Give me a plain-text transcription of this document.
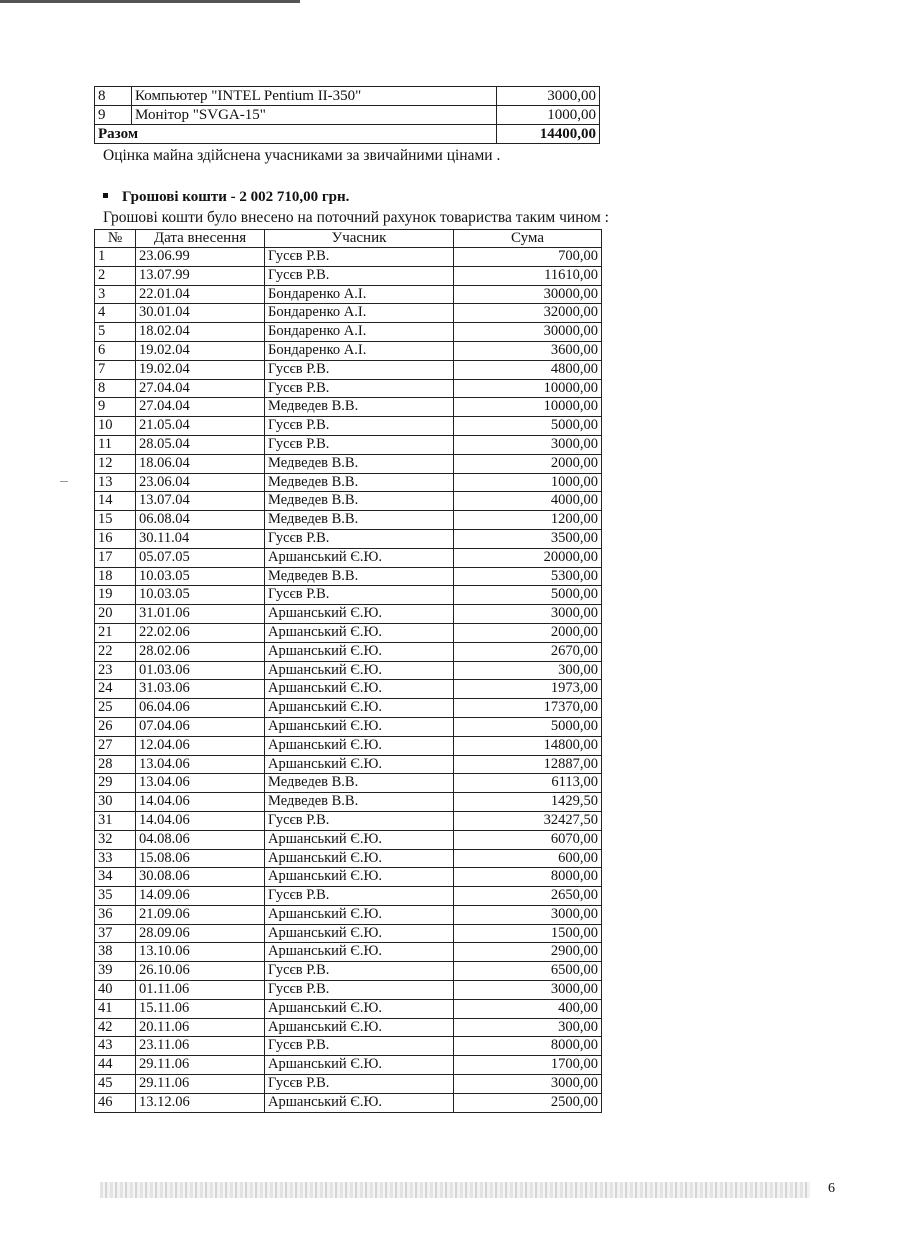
8	Компьютер "INTEL Pentium II-350"	3000,00
9	Монітор "SVGA-15"	1000,00
Разом		14400,00
Оцінка майна здійснена учасниками за звичайними цінами .
Грошові кошти - 2 002 710,00 грн.
Грошові кошти було внесено на поточний рахунок товариства таким чином :
№	Дата внесення	Учасник	Сума
1	23.06.99	Гусєв Р.В.	700,00
2	13.07.99	Гусєв Р.В.	11610,00
3	22.01.04	Бондаренко А.І.	30000,00
4	30.01.04	Бондаренко А.І.	32000,00
5	18.02.04	Бондаренко А.І.	30000,00
6	19.02.04	Бондаренко А.І.	3600,00
7	19.02.04	Гусєв Р.В.	4800,00
8	27.04.04	Гусєв Р.В.	10000,00
9	27.04.04	Медведев В.В.	10000,00
10	21.05.04	Гусєв Р.В.	5000,00
11	28.05.04	Гусєв Р.В.	3000,00
12	18.06.04	Медведев В.В.	2000,00
13	23.06.04	Медведев В.В.	1000,00
14	13.07.04	Медведев В.В.	4000,00
15	06.08.04	Медведев В.В.	1200,00
16	30.11.04	Гусєв Р.В.	3500,00
17	05.07.05	Аршанський Є.Ю.	20000,00
18	10.03.05	Медведев В.В.	5300,00
19	10.03.05	Гусєв Р.В.	5000,00
20	31.01.06	Аршанський Є.Ю.	3000,00
21	22.02.06	Аршанський Є.Ю.	2000,00
22	28.02.06	Аршанський Є.Ю.	2670,00
23	01.03.06	Аршанський Є.Ю.	300,00
24	31.03.06	Аршанський Є.Ю.	1973,00
25	06.04.06	Аршанський Є.Ю.	17370,00
26	07.04.06	Аршанський Є.Ю.	5000,00
27	12.04.06	Аршанський Є.Ю.	14800,00
28	13.04.06	Аршанський Є.Ю.	12887,00
29	13.04.06	Медведев В.В.	6113,00
30	14.04.06	Медведев В.В.	1429,50
31	14.04.06	Гусєв Р.В.	32427,50
32	04.08.06	Аршанський Є.Ю.	6070,00
33	15.08.06	Аршанський Є.Ю.	600,00
34	30.08.06	Аршанський Є.Ю.	8000,00
35	14.09.06	Гусєв Р.В.	2650,00
36	21.09.06	Аршанський Є.Ю.	3000,00
37	28.09.06	Аршанський Є.Ю.	1500,00
38	13.10.06	Аршанський Є.Ю.	2900,00
39	26.10.06	Гусєв Р.В.	6500,00
40	01.11.06	Гусєв Р.В.	3000,00
41	15.11.06	Аршанський Є.Ю.	400,00
42	20.11.06	Аршанський Є.Ю.	300,00
43	23.11.06	Гусєв Р.В.	8000,00
44	29.11.06	Аршанський Є.Ю.	1700,00
45	29.11.06	Гусєв Р.В.	3000,00
46	13.12.06	Аршанський Є.Ю.	2500,00
6
